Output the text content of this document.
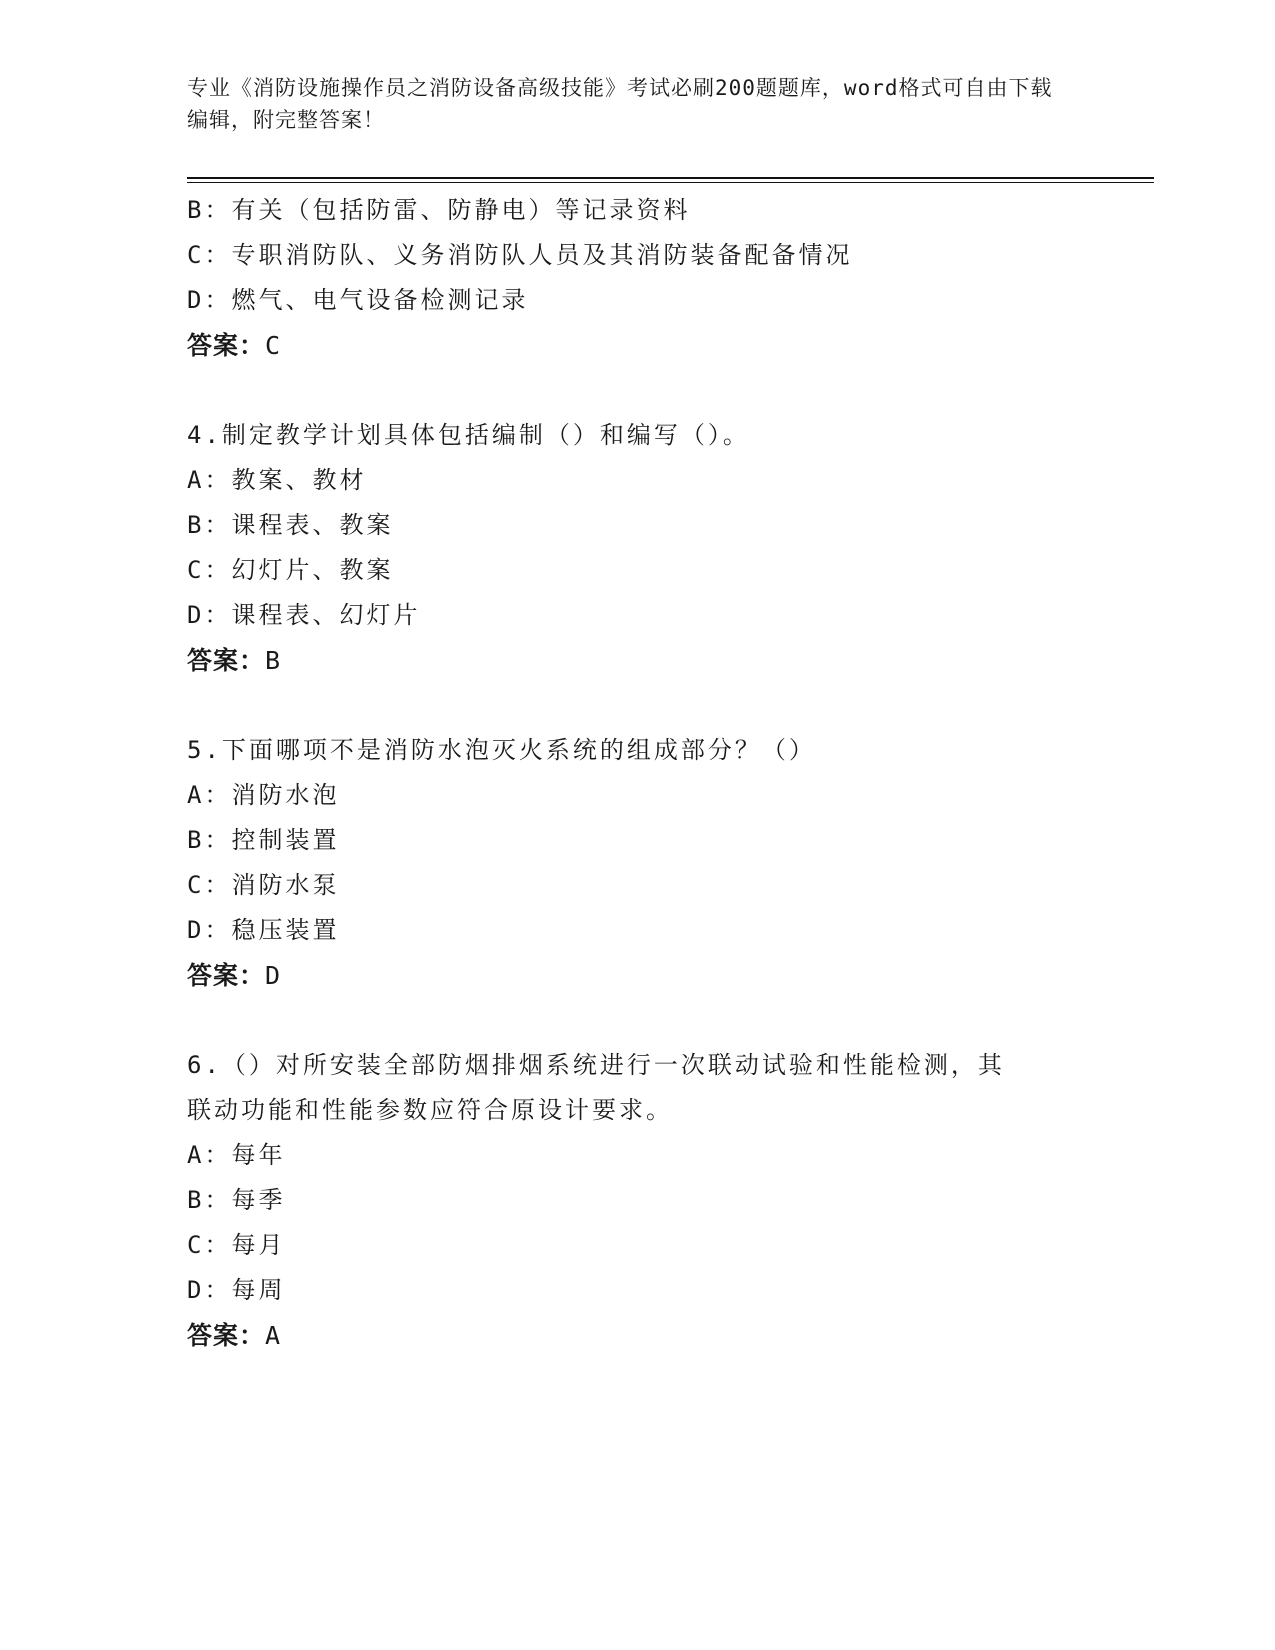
专业《消防设施操作员之消防设备高级技能》考试必刷200题题库，word格式可自由下载编辑，附完整答案！
B：有关（包括防雷、防静电）等记录资料
C：专职消防队、义务消防队人员及其消防装备配备情况
D：燃气、电气设备检测记录
答案：C
4.制定教学计划具体包括编制（）和编写（）。
A：教案、教材
B：课程表、教案
C：幻灯片、教案
D：课程表、幻灯片
答案：B
5.下面哪项不是消防水泡灭火系统的组成部分？（）
A：消防水泡
B：控制装置
C：消防水泵
D：稳压装置
答案：D
6.（）对所安装全部防烟排烟系统进行一次联动试验和性能检测，其
联动功能和性能参数应符合原设计要求。
A：每年
B：每季
C：每月
D：每周
答案：A
